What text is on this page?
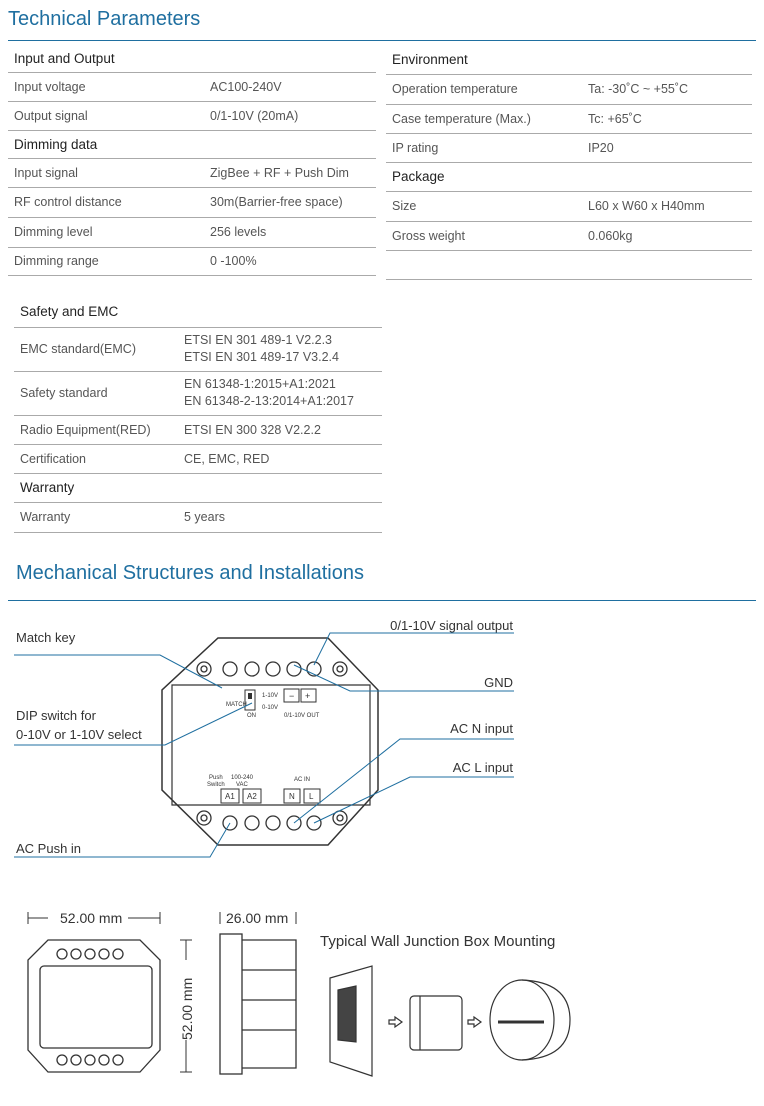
Technical Parameters
Input and Output	
Input voltage	AC100-240V
Output signal	0/1-10V (20mA)
Dimming data	
Input signal	ZigBee + RF + Push Dim
RF control distance	30m(Barrier-free space)
Dimming level	256 levels
Dimming range	0 -100%
Environment	
Operation temperature	Ta: -30˚C ~ +55˚C
Case temperature (Max.)	Tc: +65˚C
IP rating	IP20
Package	
Size	L60 x W60 x H40mm
Gross weight	0.060kg

Safety and EMC	
EMC standard(EMC)	ETSI EN 301 489-1 V2.2.3
ETSI EN 301 489-17 V3.2.4

Safety standard	EN 61348-1:2015+A1:2021
EN 61348-2-13:2014+A1:2017

Radio Equipment(RED)	ETSI EN 300 328 V2.2.2
Certification	CE, EMC, RED
Warranty	
Warranty	5 years
Mechanical Structures and Installations
MATCH
ON
1-10V
0-10V
− +
0/1-10V OUT
Push
Switch
100-240
VAC
A1 A2
AC IN
N L
Match key
DIP switch for
0-10V or 1-10V select
AC Push in
0/1-10V signal output
GND
AC N input
AC L input
52.00 mm	26.00 mm
52.00 mm
Typical Wall Junction Box Mounting
